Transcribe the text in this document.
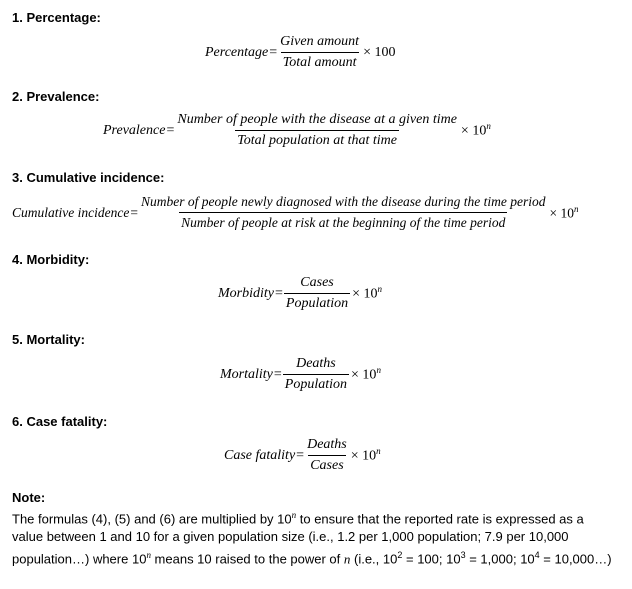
1. Percentage:
Percentage = $\frac{\text{Given amount}}{\text{Total amount}} \times 100$
2. Prevalence:
Prevalence = $\frac{\text{Number of people with the disease at a given time}}{\text{Total population at that time}} \times 10^n$
3. Cumulative incidence:
Cumulative incidence =
Number of people newly diagnosed with the disease during the time period
Number of people at risk at the beginning of the time period
× $10^n$
4. Morbidity:
Morbidity = $\frac{\text{Cases}}{\text{Population}} \times 10^n$
5. Mortality:
Mortality = $\frac{\text{Deaths}}{\text{Population}} \times 10^n$
6. Case fatality:
Case fatality = $\frac{\text{Deaths}}{\text{Cases}} \times 10^n$
Note:
The formulas (4), (5) and (6) are multiplied by 10$^n$ to ensure that the reported rate is expressed as a value between 1 and 10 for a given population size (i.e., 1.2 per 1,000 population; 7.9 per 10,000 population…) where 10$^n$ means 10 raised to the power of n (i.e., $10^2 = 100$; $10^3 = 1,000$; $10^4$ = 10,000…)
